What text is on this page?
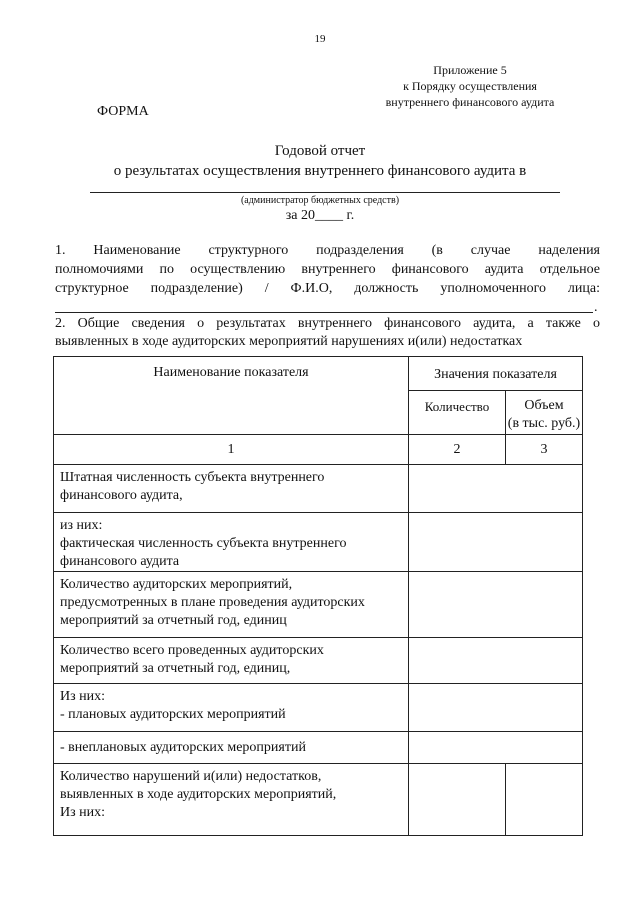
19
Приложение 5
к Порядку осуществления
внутреннего финансового аудита
ФОРМА
Годовой отчет
о результатах осуществления внутреннего финансового аудита в
(администратор бюджетных средств)
за 20____ г.
1. Наименование структурного подразделения (в случае наделения
полномочиями по осуществлению внутреннего финансового аудита отдельное
структурное подразделение) / Ф.И.О, должность уполномоченного лица:
.
2. Общие сведения о результатах внутреннего финансового аудита, а также о
выявленных в ходе аудиторских мероприятий нарушениях и(или) недостатках
Наименование показателя	Значения показателя	
	Количество	Объем
(в тыс. руб.)

1	2	3

Штатная численность субъекта внутреннего
финансового аудита,		

из них:
фактическая численность субъекта внутреннего
финансового аудита		

Количество аудиторских мероприятий,
предусмотренных в плане проведения аудиторских
мероприятий за отчетный год, единиц		

Количество всего проведенных аудиторских
мероприятий за отчетный год, единиц,		

Из них:
- плановых аудиторских мероприятий		

- внеплановых аудиторских мероприятий		

Количество нарушений и(или) недостатков,
выявленных в ходе аудиторских мероприятий,
Из них:		
